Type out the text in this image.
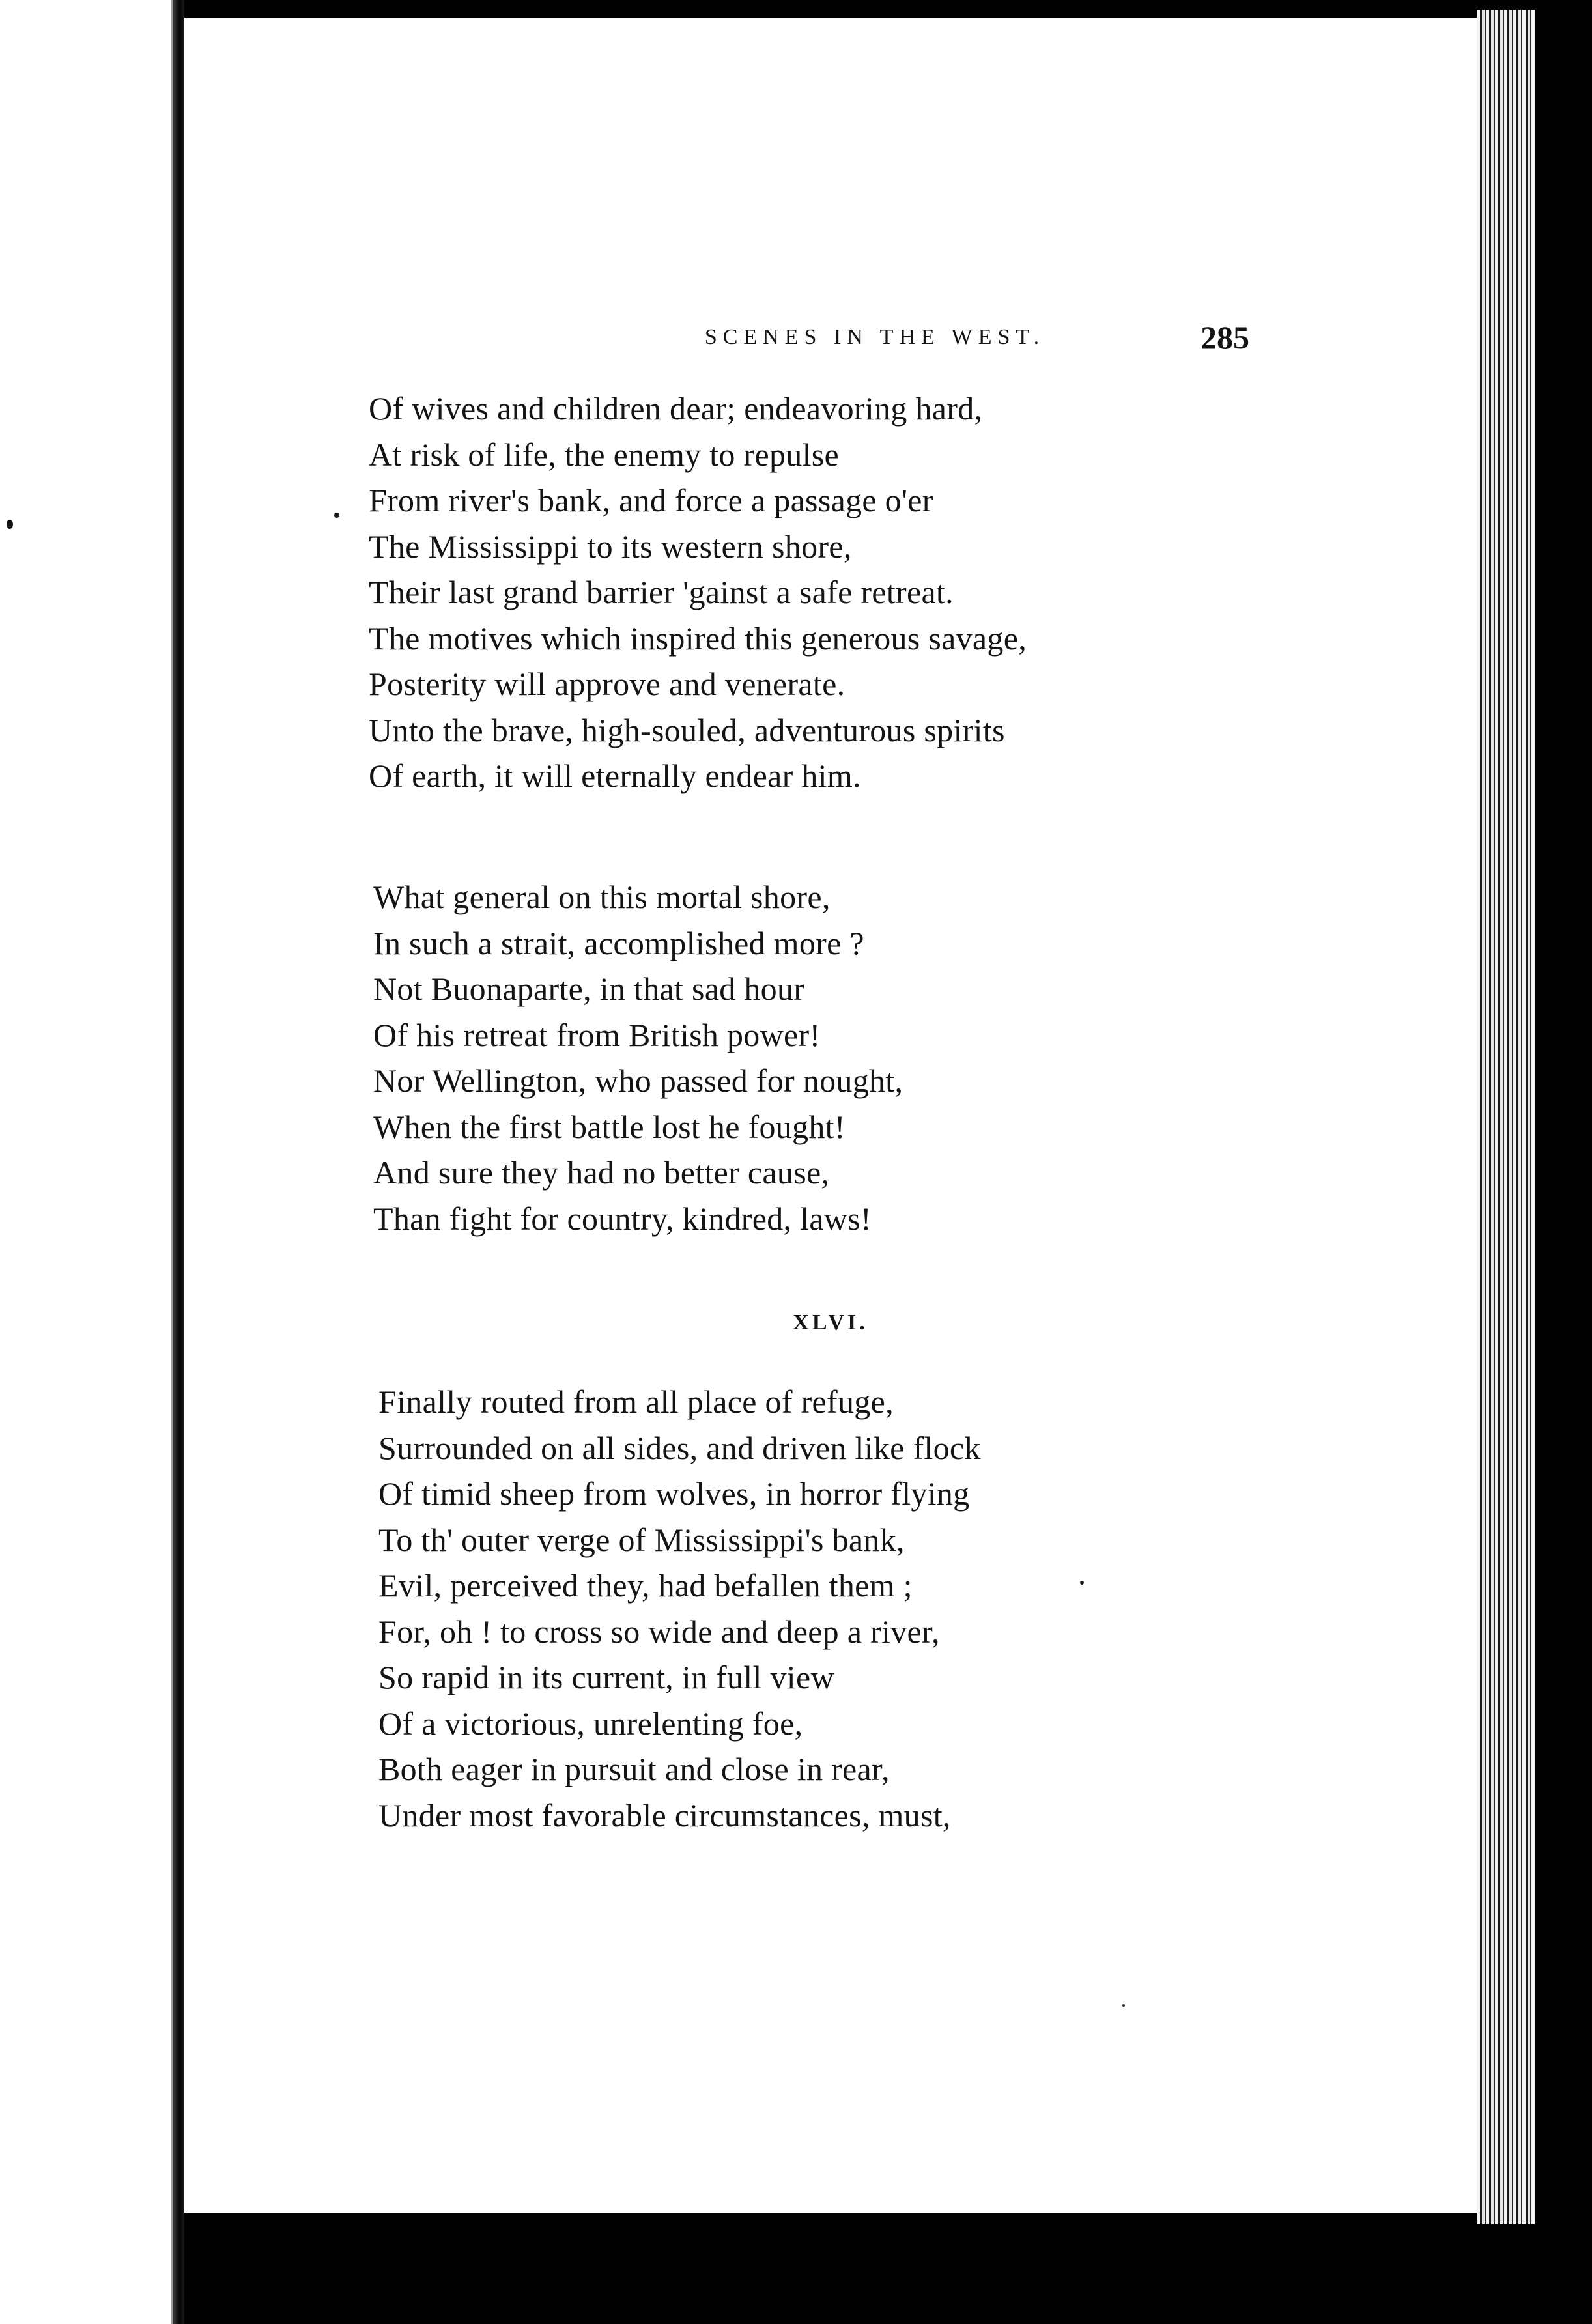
SCENES IN THE WEST.	285
Of wives and children dear; endeavoring hard,
At risk of life, the enemy to repulse
From river's bank, and force a passage o'er
The Mississippi to its western shore,
Their last grand barrier 'gainst a safe retreat.
The motives which inspired this generous savage,
Posterity will approve and venerate.
Unto the brave, high-souled, adventurous spirits
Of earth, it will eternally endear him.
What general on this mortal shore,
In such a strait, accomplished more ?
Not Buonaparte, in that sad hour
Of his retreat from British power!
Nor Wellington, who passed for nought,
When the first battle lost he fought!
And sure they had no better cause,
Than fight for country, kindred, laws!
XLVI.
Finally routed from all place of refuge,
Surrounded on all sides, and driven like flock
Of timid sheep from wolves, in horror flying
To th' outer verge of Mississippi's bank,
Evil, perceived they, had befallen them ;
For, oh ! to cross so wide and deep a river,
So rapid in its current, in full view
Of a victorious, unrelenting foe,
Both eager in pursuit and close in rear,
Under most favorable circumstances, must,
